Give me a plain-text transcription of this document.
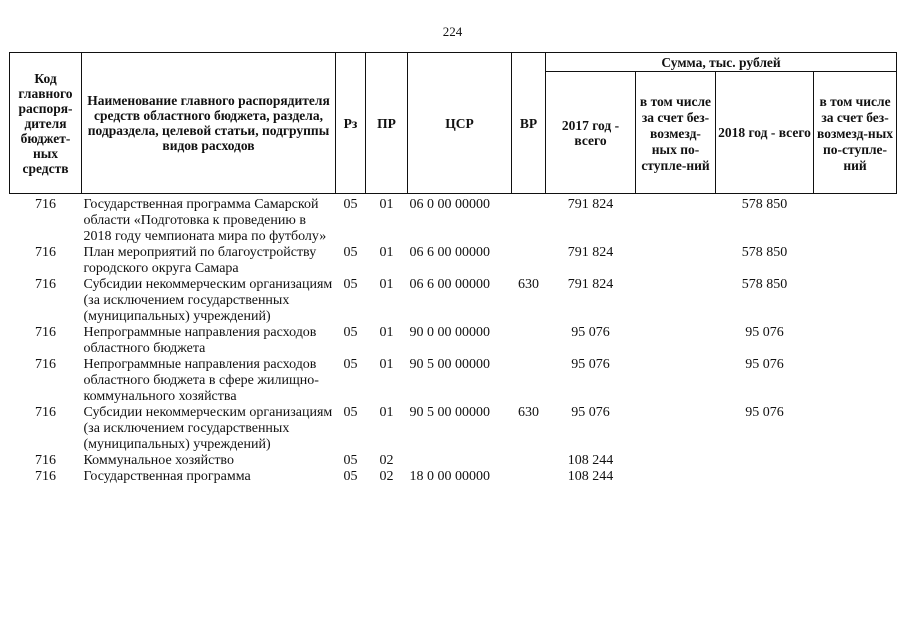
224
Код главного распоря-дителя бюджет-ных средств	Наименование главного распорядителя средств областного бюджета, раздела, подраздела, целевой статьи, подгруппы видов расходов	Рз	ПР	ЦСР	ВР	Сумма, тыс. рублей			
						2017 год - всего	в том числе за счет без-возмезд-ных по-ступле-ний	2018 год - всего	в том числе за счет без-возмезд-ных по-ступле-ний
716	Государственная программа Самарской области «Подготовка к проведению в 2018 году чемпионата мира по футболу»	05	01	06 0 00 00000		791 824		578 850	
716	План мероприятий по благоустройству городского округа Самара	05	01	06 6 00 00000		791 824		578 850	
716	Субсидии некоммерческим организациям (за исключением государственных (муниципальных) учреждений)	05	01	06 6 00 00000	630	791 824		578 850	
716	Непрограммные направления расходов областного бюджета	05	01	90 0 00 00000		95 076		95 076	
716	Непрограммные направления расходов областного бюджета в сфере жилищно-коммунального хозяйства	05	01	90 5 00 00000		95 076		95 076	
716	Субсидии некоммерческим организациям (за исключением государственных (муниципальных) учреждений)	05	01	90 5 00 00000	630	95 076		95 076	
716	Коммунальное хозяйство	05	02			108 244			
716	Государственная программа	05	02	18 0 00 00000		108 244			
